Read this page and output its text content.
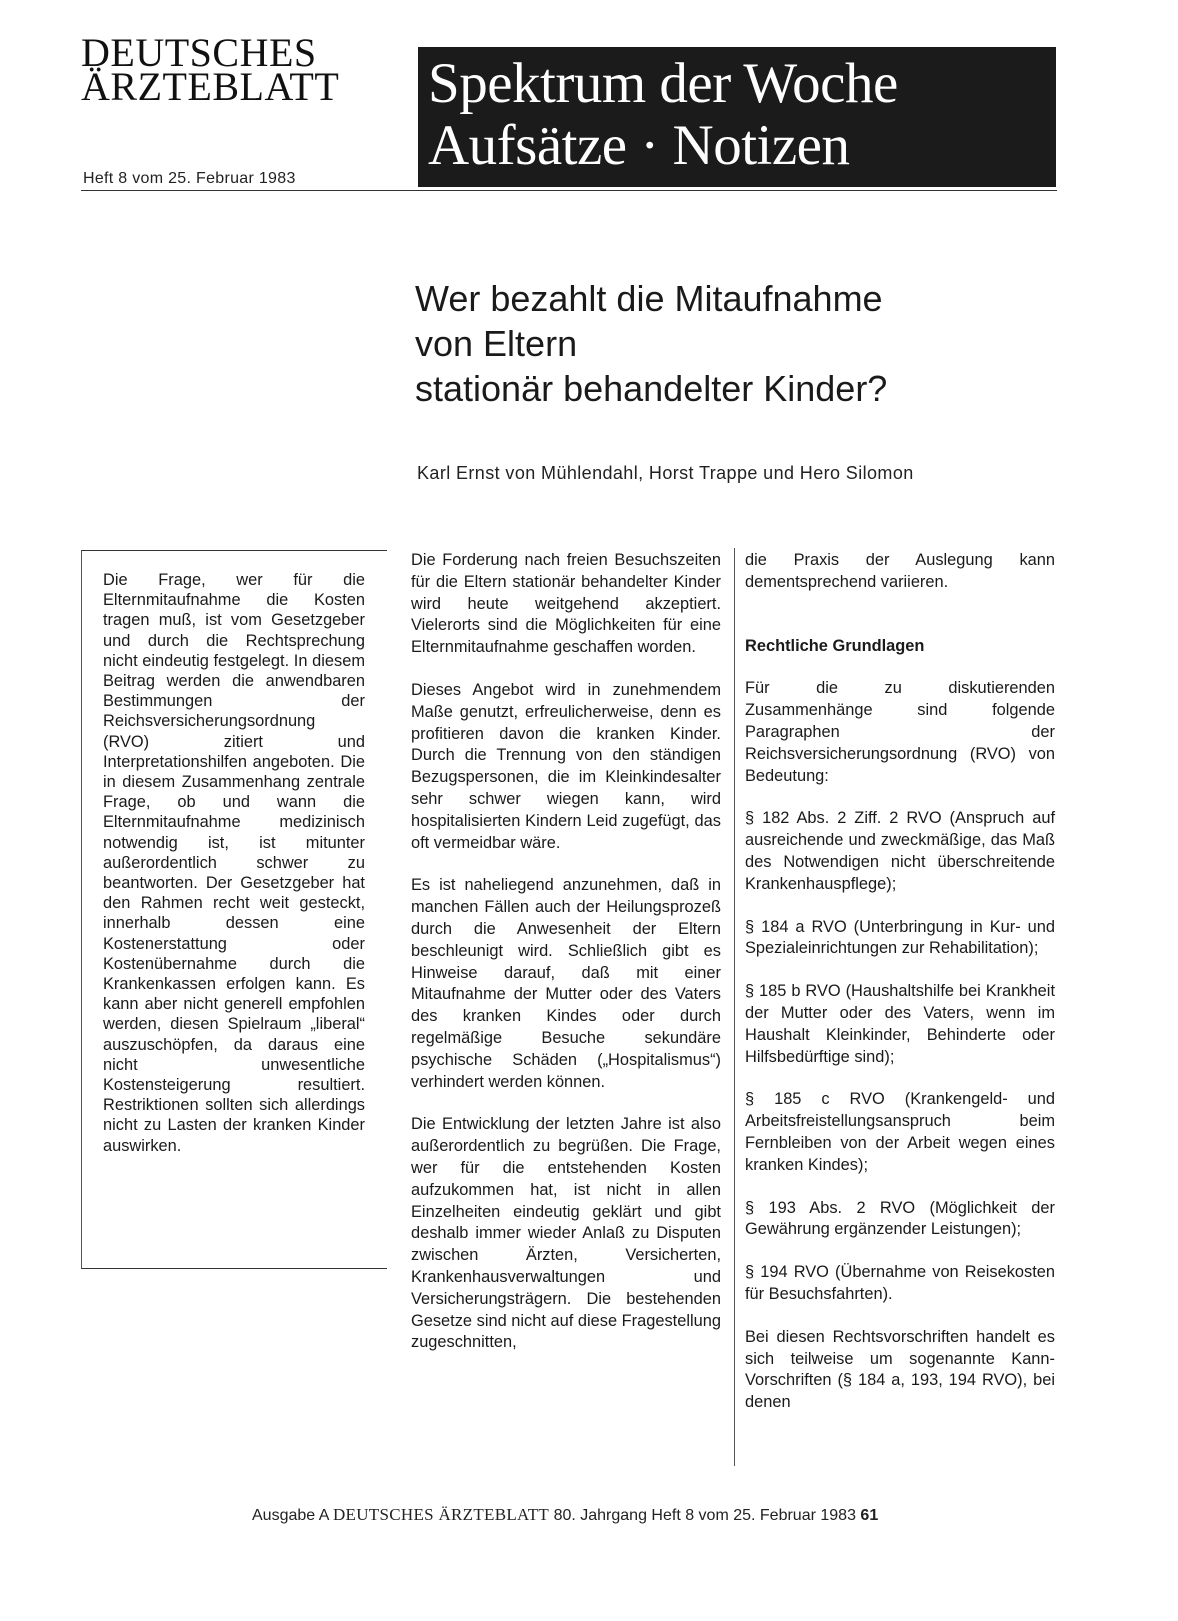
DEUTSCHES
ÄRZTEBLATT
Heft 8 vom 25. Februar 1983
Spektrum der Woche
Aufsätze · Notizen
Wer bezahlt die Mitaufnahme
von Eltern
stationär behandelter Kinder?
Karl Ernst von Mühlendahl, Horst Trappe und Hero Silomon
Die Frage, wer für die Elternmitaufnahme die Kosten tragen muß, ist vom Gesetzgeber und durch die Rechtsprechung nicht eindeutig festgelegt. In diesem Beitrag werden die anwendbaren Bestimmungen der Reichsversicherungsordnung (RVO) zitiert und Interpretationshilfen angeboten. Die in diesem Zusammenhang zentrale Frage, ob und wann die Elternmitaufnahme medizinisch notwendig ist, ist mitunter außerordentlich schwer zu beantworten. Der Gesetzgeber hat den Rahmen recht weit gesteckt, innerhalb dessen eine Kostenerstattung oder Kostenübernahme durch die Krankenkassen erfolgen kann. Es kann aber nicht generell empfohlen werden, diesen Spielraum „liberal“ auszuschöpfen, da daraus eine nicht unwesentliche Kostensteigerung resultiert. Restriktionen sollten sich allerdings nicht zu Lasten der kranken Kinder auswirken.

Die Forderung nach freien Besuchszeiten für die Eltern stationär behandelter Kinder wird heute weitgehend akzeptiert. Vielerorts sind die Möglichkeiten für eine Elternmitaufnahme geschaffen worden.

Dieses Angebot wird in zunehmendem Maße genutzt, erfreulicherweise, denn es profitieren davon die kranken Kinder. Durch die Trennung von den ständigen Bezugspersonen, die im Kleinkindesalter sehr schwer wiegen kann, wird hospitalisierten Kindern Leid zugefügt, das oft vermeidbar wäre.

Es ist naheliegend anzunehmen, daß in manchen Fällen auch der Heilungsprozeß durch die Anwesenheit der Eltern beschleunigt wird. Schließlich gibt es Hinweise darauf, daß mit einer Mitaufnahme der Mutter oder des Vaters des kranken Kindes oder durch regelmäßige Besuche sekundäre psychische Schäden („Hospitalismus“) verhindert werden können.

Die Entwicklung der letzten Jahre ist also außerordentlich zu begrüßen. Die Frage, wer für die entstehenden Kosten aufzukommen hat, ist nicht in allen Einzelheiten eindeutig geklärt und gibt deshalb immer wieder Anlaß zu Disputen zwischen Ärzten, Versicherten, Krankenhausverwaltungen und Versicherungsträgern. Die bestehenden Gesetze sind nicht auf diese Fragestellung zugeschnitten,

die Praxis der Auslegung kann dementsprechend variieren.

Rechtliche Grundlagen

Für die zu diskutierenden Zusammenhänge sind folgende Paragraphen der Reichsversicherungsordnung (RVO) von Bedeutung:

§ 182 Abs. 2 Ziff. 2 RVO (Anspruch auf ausreichende und zweckmäßige, das Maß des Notwendigen nicht überschreitende Krankenhauspflege);

§ 184 a RVO (Unterbringung in Kur- und Spezialeinrichtungen zur Rehabilitation);

§ 185 b RVO (Haushaltshilfe bei Krankheit der Mutter oder des Vaters, wenn im Haushalt Kleinkinder, Behinderte oder Hilfsbedürftige sind);

§ 185 c RVO (Krankengeld- und Arbeitsfreistellungsanspruch beim Fernbleiben von der Arbeit wegen eines kranken Kindes);

§ 193 Abs. 2 RVO (Möglichkeit der Gewährung ergänzender Leistungen);

§ 194 RVO (Übernahme von Reisekosten für Besuchsfahrten).

Bei diesen Rechtsvorschriften handelt es sich teilweise um sogenannte Kann-Vorschriften (§ 184 a, 193, 194 RVO), bei denen

Ausgabe A DEUTSCHES ÄRZTEBLATT 80. Jahrgang Heft 8 vom 25. Februar 1983 61
